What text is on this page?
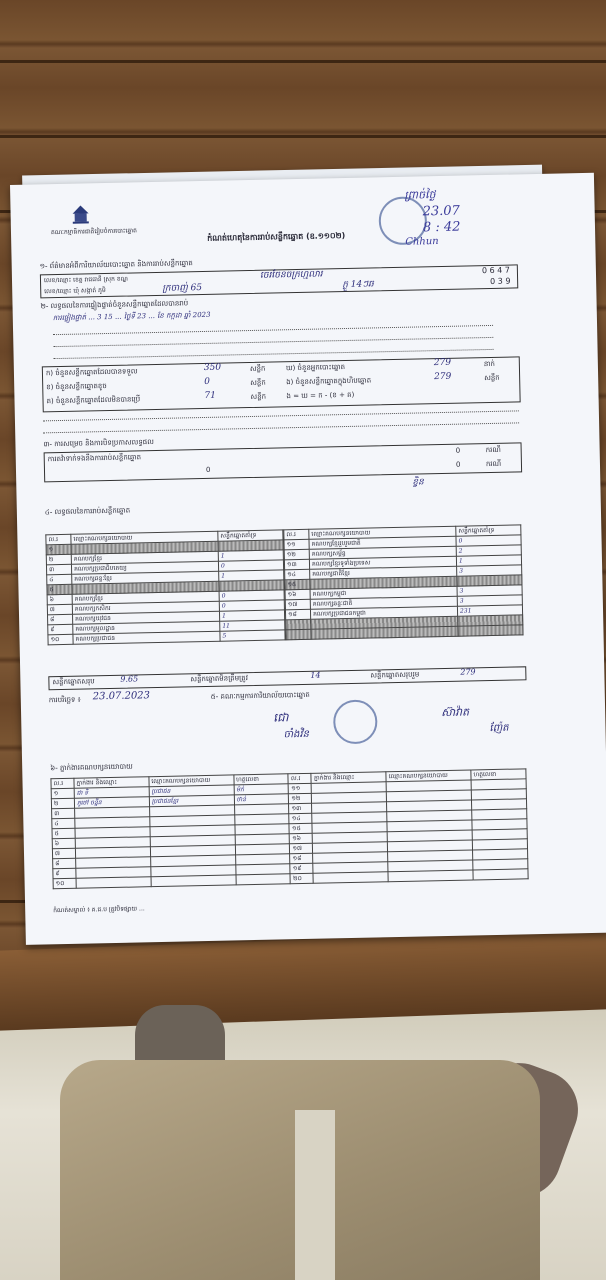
គណៈកម្មាធិការជាតិរៀបចំការបោះឆ្នោត	កំណត់ហេតុនៃការរាប់សន្លឹកឆ្នោត (ឧ.១១០២)
ព្រាច់ថ្ងៃ
23.07
8 : 42
Chhun
១- ព័ត៌មានអំពីការិយាល័យបោះឆ្នោត និងការរាប់សន្លឹកឆ្នោត
លេខ/ឈ្មោះ ខេត្ត រាជធានី ស្រុក ខណ្ឌ
លេខ/ឈ្មោះ ឃុំ សង្កាត់ ភូមិ	ក្រចាញ់ 65
ចេរចែនចក្រហ្មលារ
ក្ងួ 14ៗឆ
0 6 4 7
0 3 9
២- លទ្ធផលនៃការផ្ទៀងផ្ទាត់ចំនួនសន្លឹកឆ្នោតដែលបានរាប់
ការផ្ទៀងផ្ទាត់ ... 3 15 ... ថ្ងៃទី 23 ... ខែ កក្កដា ឆ្នាំ 2023
ក) ចំនួនសន្លឹកឆ្នោតដែលបានទទួល	350	សន្លឹក
ខ) ចំនួនសន្លឹកឆ្នោតខូច	0	សន្លឹក
គ) ចំនួនសន្លឹកឆ្នោតដែលមិនបានប្រើ	71	សន្លឹក
ឃ) ចំនួនអ្នកបោះឆ្នោត	279	នាក់
ង) ចំនួនសន្លឹកឆ្នោតក្នុងហិបឆ្នោត	279	សន្លឹក
ង = ឃ = ក - (ខ + គ)
៣- ការសម្រេច និងការបិទប្រកាសលទ្ធផល
ការតវ៉ាទាក់ទងនឹងការរាប់សន្លឹកឆ្នោត
0	ករណី
0
0	ករណី
ខ្វិន
៤- លទ្ធផលនៃការរាប់សន្លឹកឆ្នោត
ល.រ	ឈ្មោះគណបក្សនយោបាយ	សន្លឹកឆ្នោតគាំទ្រ
១		
២	គណបក្សខ្មែរ	1
៣	គណបក្សប្រជាធិបតេយ្យ	0
៤	គណបក្សឆន្ទៈខ្មែរ	1
៥		
៦	គណបក្សខ្មែរ	0
៧	គណបក្សកសិករ	0
៨	គណបក្សយុវជន	1
៩	គណបក្សមូលដ្ឋាន	11
១០	គណបក្សប្រជាជន	5
ល.រ	ឈ្មោះគណបក្សនយោបាយ	សន្លឹកឆ្នោតគាំទ្រ
១១	គណបក្សខ្មែររួបរួមជាតិ	0
១២	គណបក្សសម្ព័ន្ធ	2
១៣	គណបក្សខ្មែរទូទាំងប្រទេស	1
១៤	គណបក្សជាតិខ្មែរ	3
១៥		
១៦	គណបក្សកម្ពុជា	3
១៧	គណបក្សឆន្ទៈជាតិ	3
១៨	គណបក្សប្រជាជនកម្ពុជា	231

សន្លឹកឆ្នោតសរុប	9.65	សន្លឹកឆ្នោតមិនត្រឹមត្រូវ	14	សន្លឹកឆ្នោតសរុបរួម	279
ការបរិច្ឆេទ ៖ 23.07.2023	៥- គណៈកម្មការការិយាល័យបោះឆ្នោត
ជោ
ចាំងវិន
ស៊ាវ៉ាត
ញ៉ែត
៦- ភ្នាក់ងារគណបក្សនយោបាយ
ល.រ	ភ្នាក់ងារ និងឈ្មោះ	ឈ្មោះគណបក្សនយោបាយ	ហត្ថលេខា	ល.រ	ភ្នាក់ងារ និងឈ្មោះ	ឈ្មោះគណបក្សនយោបាយ	ហត្ថលេខា
១	ជា ទិ	ប្រជាជន	ម៉ក់	១១			
២	ភូថៅ ចន្នីន	ប្រជាជនខ្មែរ	ថាន់	១២			
៣				១៣			
៤				១៤			
៥				១៥			
៦				១៦			
៧				១៧			
៨				១៨			
៩				១៩			
១០				២០			
កំណត់សម្គាល់ ៖ គ.ជ.ប ត្រូវបិទផ្សាយ ...
